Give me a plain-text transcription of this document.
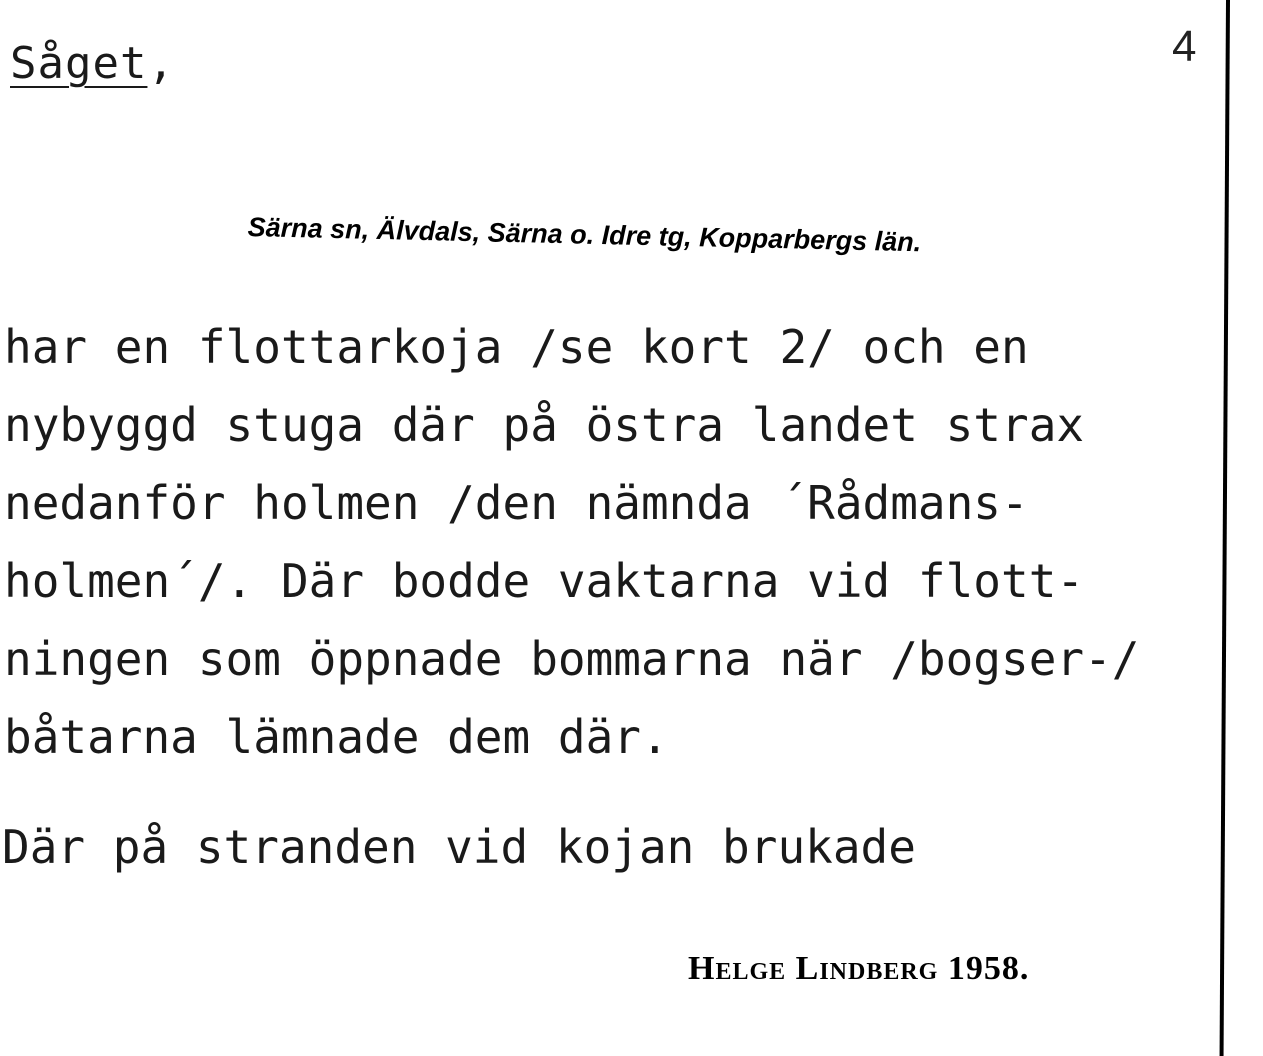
Såget,	4
Särna sn, Älvdals, Särna o. Idre tg, Kopparbergs län.
har en flottarkoja /se kort 2/ och en
nybyggd stuga där på östra landet strax
nedanför holmen /den nämnda ´Rådmans-
holmen´/. Där bodde vaktarna vid flott-
ningen som öppnade bommarna när /bogser-/
båtarna lämnade dem där.
Där på stranden vid kojan brukade
Helge Lindberg 1958.
